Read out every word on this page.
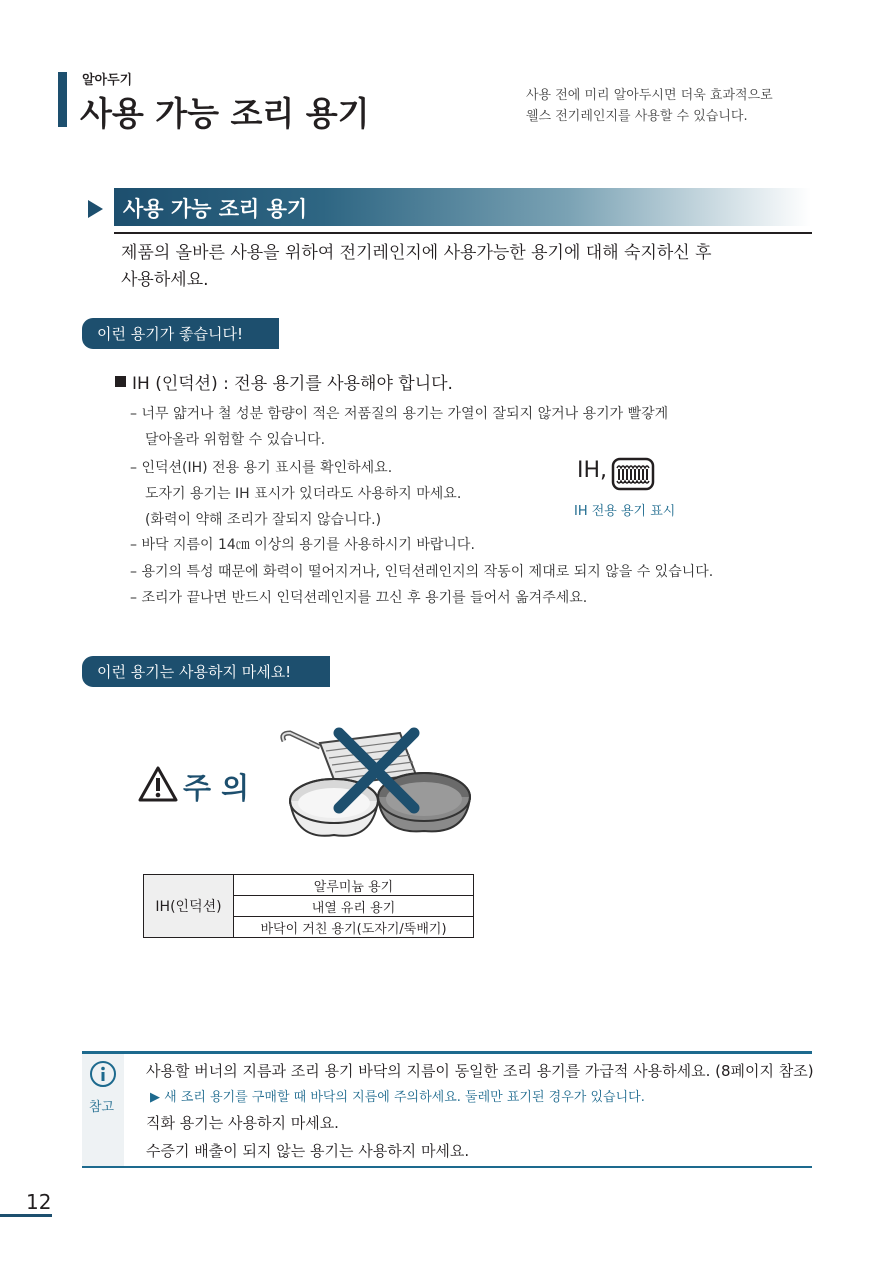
알아두기
사용 가능 조리 용기	사용 전에 미리 알아두시면 더욱 효과적으로
웰스 전기레인지를 사용할 수 있습니다.
사용 가능 조리 용기
제품의 올바른 사용을 위하여 전기레인지에 사용가능한 용기에 대해 숙지하신 후
사용하세요.
이런 용기가 좋습니다!
IH (인덕션) : 전용 용기를 사용해야 합니다.
– 너무 얇거나 철 성분 함량이 적은 저품질의 용기는 가열이 잘되지 않거나 용기가 빨갛게
달아올라 위험할 수 있습니다.
– 인덕션(IH) 전용 용기 표시를 확인하세요.
도자기 용기는 IH 표시가 있더라도 사용하지 마세요.
(화력이 약해 조리가 잘되지 않습니다.)
– 바닥 지름이 14㎝ 이상의 용기를 사용하시기 바랍니다.
– 용기의 특성 때문에 화력이 떨어지거나, 인덕션레인지의 작동이 제대로 되지 않을 수 있습니다.
– 조리가 끝나면 반드시 인덕션레인지를 끄신 후 용기를 들어서 옮겨주세요.
IH,
IH 전용 용기 표시
이런 용기는 사용하지 마세요!
주 의
IH(인덕션)	알루미늄 용기
내열 유리 용기
바닥이 거친 용기(도자기/뚝배기)
참고
사용할 버너의 지름과 조리 용기 바닥의 지름이 동일한 조리 용기를 가급적 사용하세요. (8페이지 참조)
▶ 새 조리 용기를 구매할 때 바닥의 지름에 주의하세요. 둘레만 표기된 경우가 있습니다.
직화 용기는 사용하지 마세요.
수증기 배출이 되지 않는 용기는 사용하지 마세요.
12
